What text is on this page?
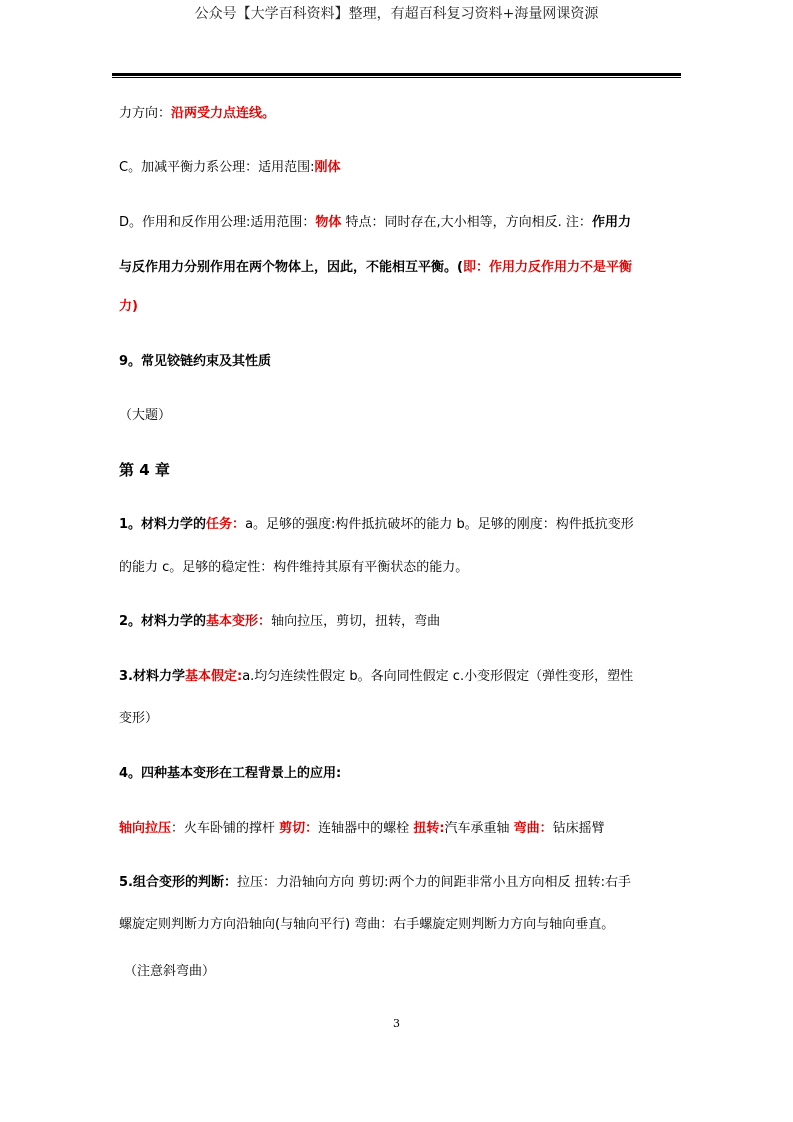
公众号【大学百科资料】整理，有超百科复习资料+海量网课资源
力方向：沿两受力点连线。
C。加减平衡力系公理：适用范围:刚体
D。作用和反作用公理:适用范围：物体 特点：同时存在,大小相等，方向相反. 注：作用力
与反作用力分别作用在两个物体上，因此，不能相互平衡。(即：作用力反作用力不是平衡
力)
9。常见铰链约束及其性质
（大题）
第 4 章
1。材料力学的任务：a。足够的强度:构件抵抗破坏的能力 b。足够的刚度：构件抵抗变形
的能力 c。足够的稳定性：构件维持其原有平衡状态的能力。
2。材料力学的基本变形：轴向拉压，剪切，扭转，弯曲
3.材料力学基本假定:a.均匀连续性假定 b。各向同性假定 c.小变形假定（弹性变形，塑性
变形）
4。四种基本变形在工程背景上的应用:
轴向拉压：火车卧铺的撑杆 剪切：连轴器中的螺栓 扭转:汽车承重轴 弯曲：钻床摇臂
5.组合变形的判断：拉压：力沿轴向方向 剪切:两个力的间距非常小且方向相反 扭转:右手
螺旋定则判断力方向沿轴向(与轴向平行) 弯曲：右手螺旋定则判断力方向与轴向垂直。
（注意斜弯曲）
3
